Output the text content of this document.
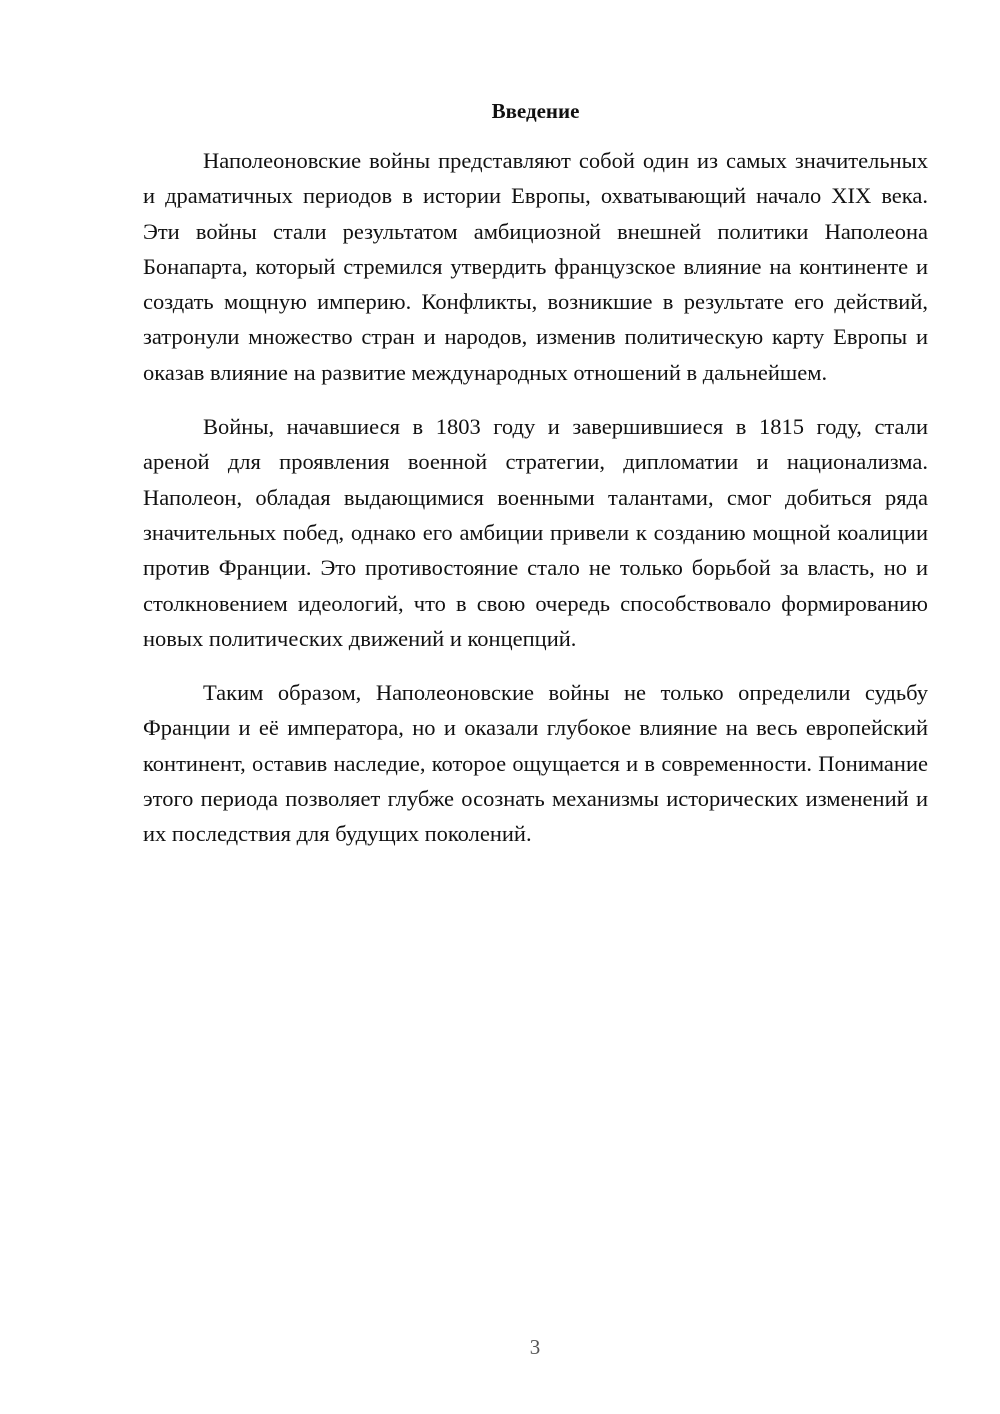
Введение

Наполеоновские войны представляют собой один из самых значительных и драматичных периодов в истории Европы, охватывающий начало XIX века. Эти войны стали результатом амбициозной внешней политики Наполеона Бонапарта, который стремился утвердить французское влияние на континенте и создать мощную империю. Конфликты, возникшие в результате его действий, затронули множество стран и народов, изменив политическую карту Европы и оказав влияние на развитие международных отношений в дальнейшем.

Войны, начавшиеся в 1803 году и завершившиеся в 1815 году, стали ареной для проявления военной стратегии, дипломатии и национализма. Наполеон, обладая выдающимися военными талантами, смог добиться ряда значительных побед, однако его амбиции привели к созданию мощной коалиции против Франции. Это противостояние стало не только борьбой за власть, но и столкновением идеологий, что в свою очередь способствовало формированию новых политических движений и концепций.

Таким образом, Наполеоновские войны не только определили судьбу Франции и её императора, но и оказали глубокое влияние на весь европейский континент, оставив наследие, которое ощущается и в современности. Понимание этого периода позволяет глубже осознать механизмы исторических изменений и их последствия для будущих поколений.

3
